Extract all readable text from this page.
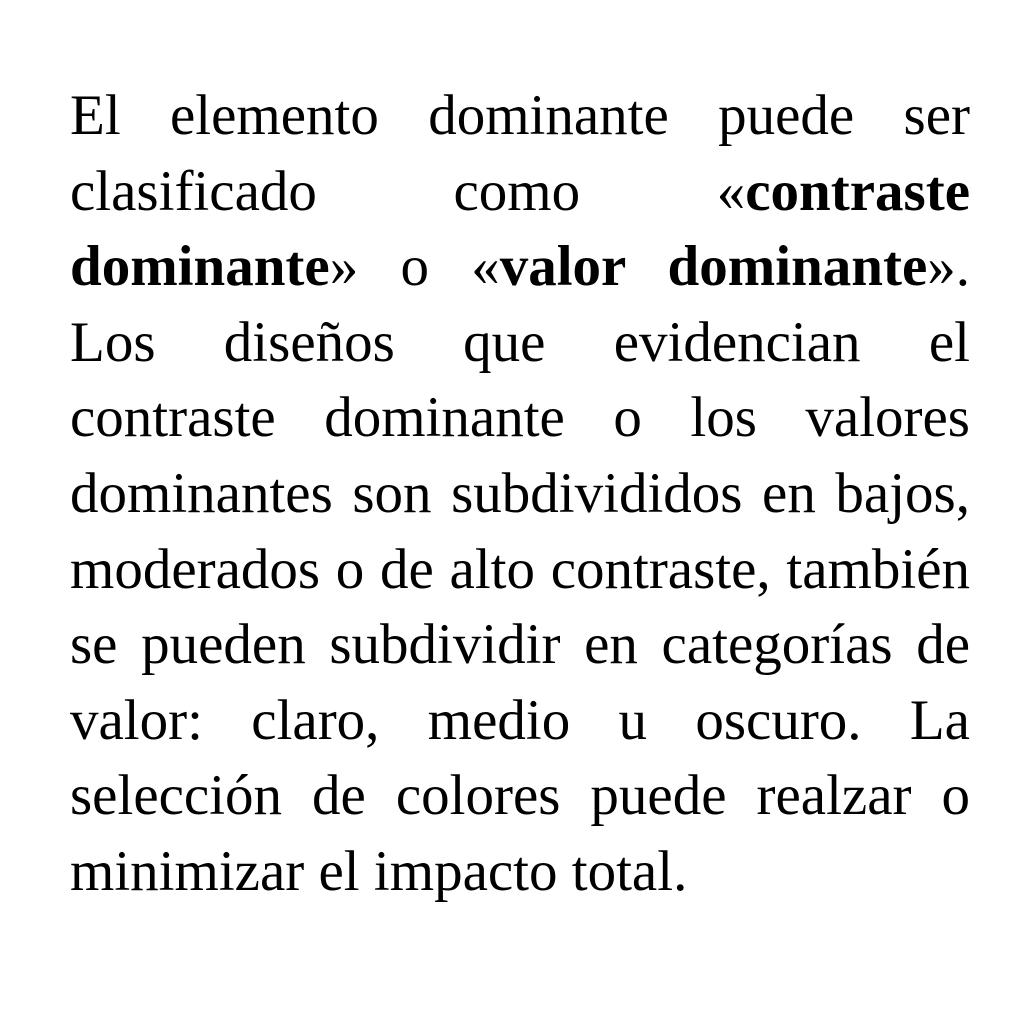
El elemento dominante puede ser clasificado como «contraste dominante» o «valor dominante». Los diseños que evidencian el contraste dominante o los valores dominantes son subdivididos en bajos, moderados o de alto contraste, también se pueden subdividir en categorías de valor: claro, medio u oscuro. La selección de colores puede realzar o minimizar el impacto total.
